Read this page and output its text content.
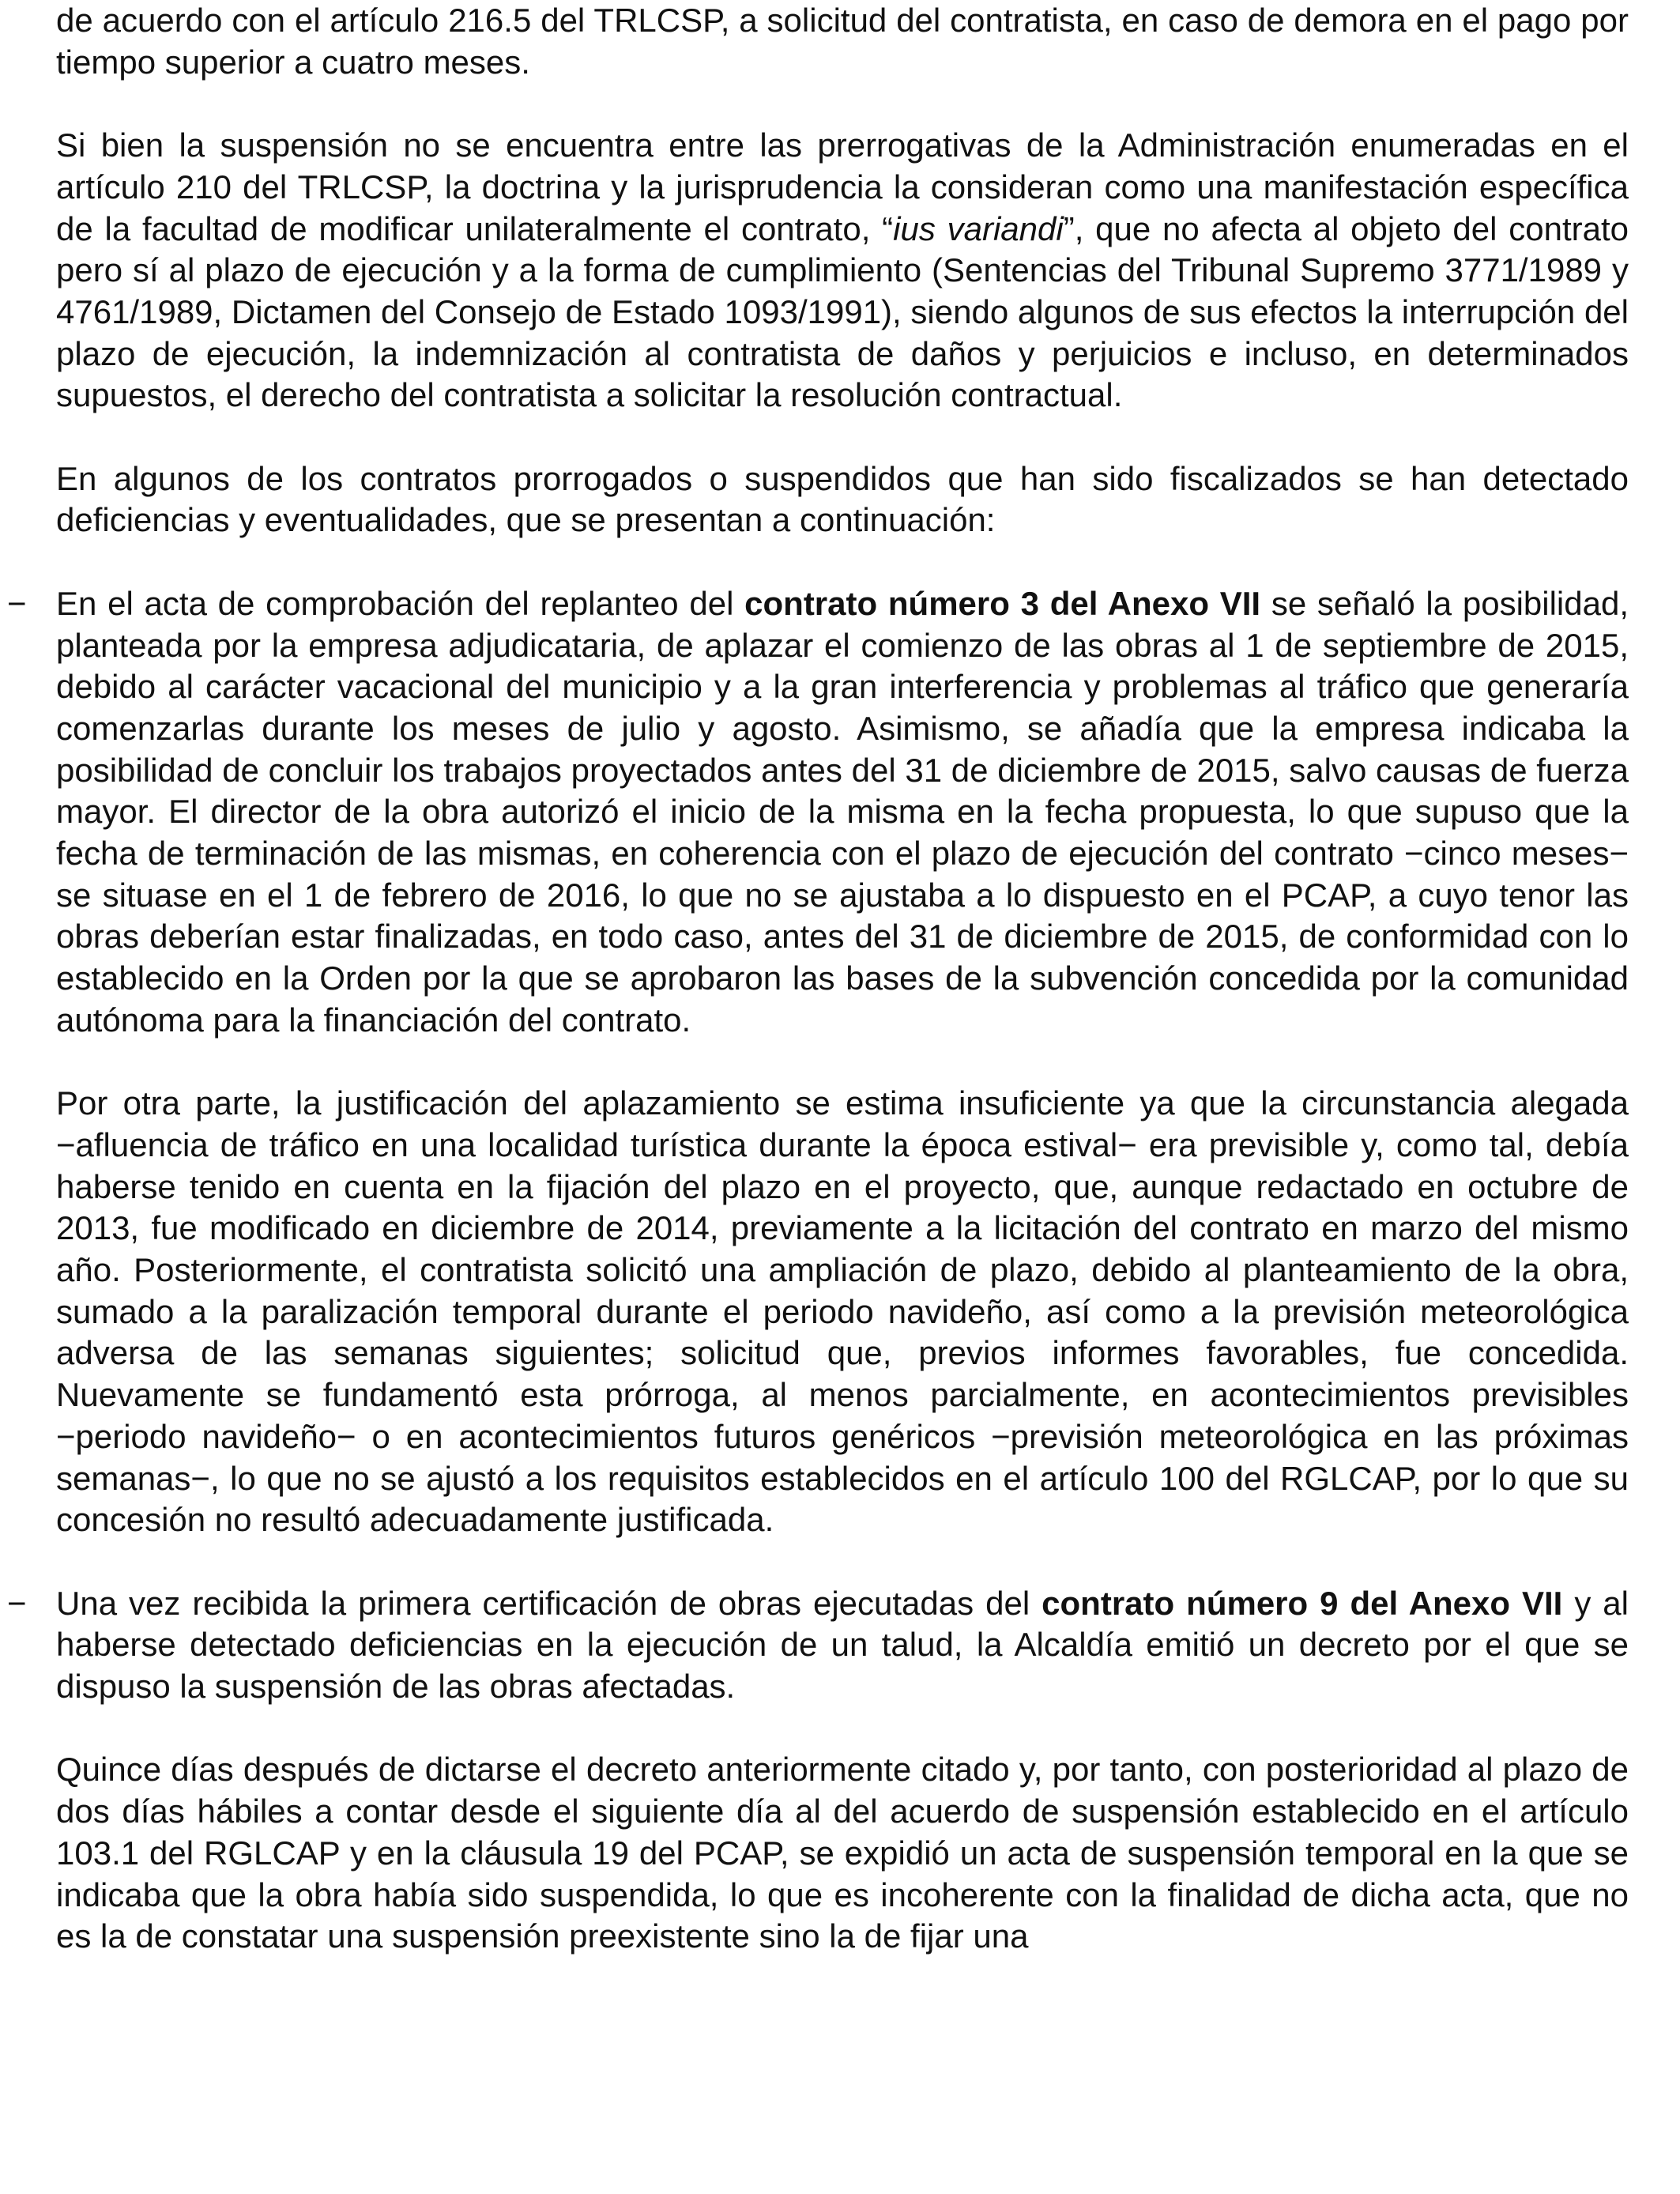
de acuerdo con el artículo 216.5 del TRLCSP, a solicitud del contratista, en caso de demora en el pago por tiempo superior a cuatro meses.

Si bien la suspensión no se encuentra entre las prerrogativas de la Administración enumeradas en el artículo 210 del TRLCSP, la doctrina y la jurisprudencia la consideran como una manifestación específica de la facultad de modificar unilateralmente el contrato, “ius variandi”, que no afecta al objeto del contrato pero sí al plazo de ejecución y a la forma de cumplimiento (Sentencias del Tribunal Supremo 3771/1989 y 4761/1989, Dictamen del Consejo de Estado 1093/1991), siendo algunos de sus efectos la interrupción del plazo de ejecución, la indemnización al contratista de daños y perjuicios e incluso, en determinados supuestos, el derecho del contratista a solicitar la resolución contractual.

En algunos de los contratos prorrogados o suspendidos que han sido fiscalizados se han detectado deficiencias y eventualidades, que se presentan a continuación:

− En el acta de comprobación del replanteo del contrato número 3 del Anexo VII se señaló la posibilidad, planteada por la empresa adjudicataria, de aplazar el comienzo de las obras al 1 de septiembre de 2015, debido al carácter vacacional del municipio y a la gran interferencia y problemas al tráfico que generaría comenzarlas durante los meses de julio y agosto. Asimismo, se añadía que la empresa indicaba la posibilidad de concluir los trabajos proyectados antes del 31 de diciembre de 2015, salvo causas de fuerza mayor. El director de la obra autorizó el inicio de la misma en la fecha propuesta, lo que supuso que la fecha de terminación de las mismas, en coherencia con el plazo de ejecución del contrato −cinco meses− se situase en el 1 de febrero de 2016, lo que no se ajustaba a lo dispuesto en el PCAP, a cuyo tenor las obras deberían estar finalizadas, en todo caso, antes del 31 de diciembre de 2015, de conformidad con lo establecido en la Orden por la que se aprobaron las bases de la subvención concedida por la comunidad autónoma para la financiación del contrato.

Por otra parte, la justificación del aplazamiento se estima insuficiente ya que la circunstancia alegada −afluencia de tráfico en una localidad turística durante la época estival− era previsible y, como tal, debía haberse tenido en cuenta en la fijación del plazo en el proyecto, que, aunque redactado en octubre de 2013, fue modificado en diciembre de 2014, previamente a la licitación del contrato en marzo del mismo año. Posteriormente, el contratista solicitó una ampliación de plazo, debido al planteamiento de la obra, sumado a la paralización temporal durante el periodo navideño, así como a la previsión meteorológica adversa de las semanas siguientes; solicitud que, previos informes favorables, fue concedida. Nuevamente se fundamentó esta prórroga, al menos parcialmente, en acontecimientos previsibles −periodo navideño− o en acontecimientos futuros genéricos −previsión meteorológica en las próximas semanas−, lo que no se ajustó a los requisitos establecidos en el artículo 100 del RGLCAP, por lo que su concesión no resultó adecuadamente justificada.

− Una vez recibida la primera certificación de obras ejecutadas del contrato número 9 del Anexo VII y al haberse detectado deficiencias en la ejecución de un talud, la Alcaldía emitió un decreto por el que se dispuso la suspensión de las obras afectadas.

Quince días después de dictarse el decreto anteriormente citado y, por tanto, con posterioridad al plazo de dos días hábiles a contar desde el siguiente día al del acuerdo de suspensión establecido en el artículo 103.1 del RGLCAP y en la cláusula 19 del PCAP, se expidió un acta de suspensión temporal en la que se indicaba que la obra había sido suspendida, lo que es incoherente con la finalidad de dicha acta, que no es la de constatar una suspensión preexistente sino la de fijar una
